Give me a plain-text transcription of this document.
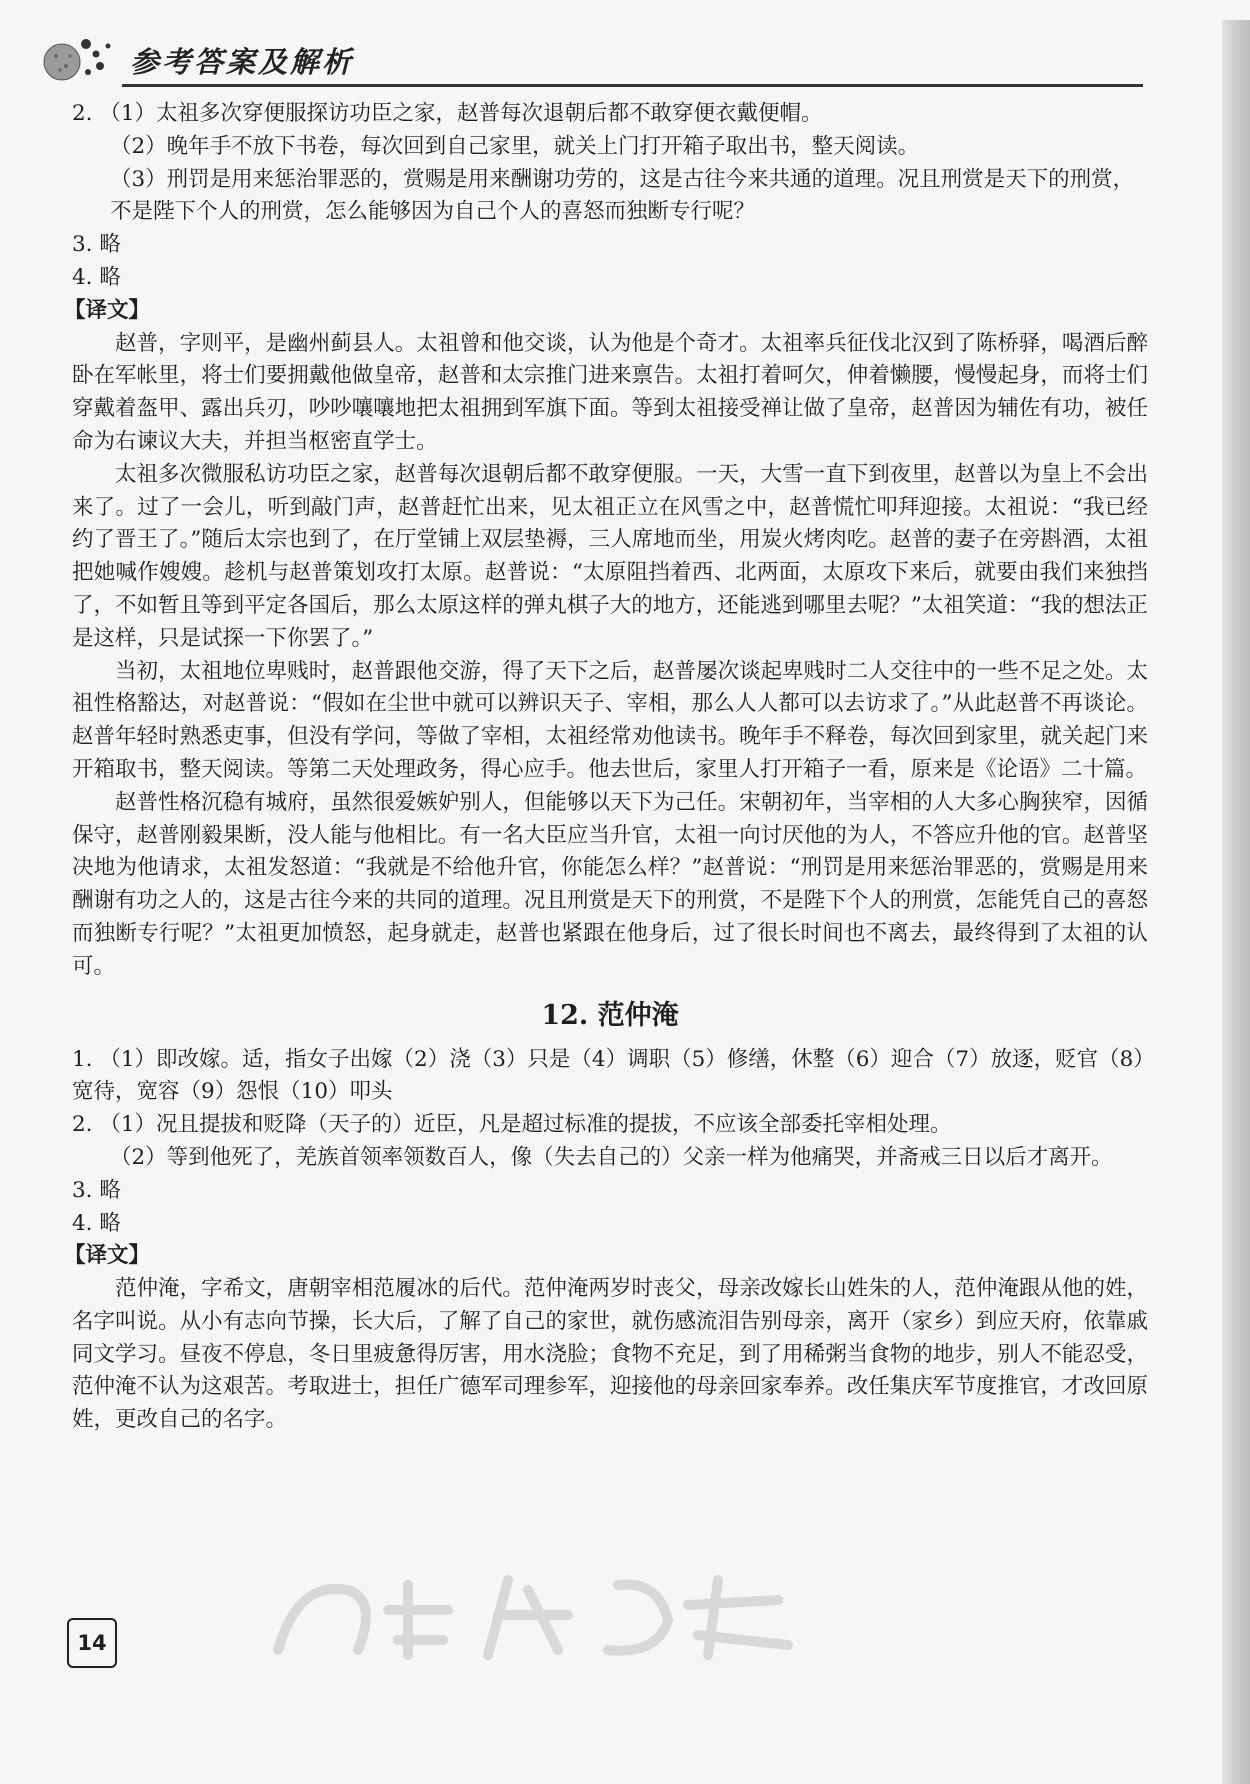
参考答案及解析

2. （1）太祖多次穿便服探访功臣之家，赵普每次退朝后都不敢穿便衣戴便帽。

（2）晚年手不放下书卷，每次回到自己家里，就关上门打开箱子取出书，整天阅读。

（3）刑罚是用来惩治罪恶的，赏赐是用来酬谢功劳的，这是古往今来共通的道理。况且刑赏是天下的刑赏，不是陛下个人的刑赏，怎么能够因为自己个人的喜怒而独断专行呢？

3. 略

4. 略

【译文】

赵普，字则平，是幽州蓟县人。太祖曾和他交谈，认为他是个奇才。太祖率兵征伐北汉到了陈桥驿，喝酒后醉卧在军帐里，将士们要拥戴他做皇帝，赵普和太宗推门进来禀告。太祖打着呵欠，伸着懒腰，慢慢起身，而将士们穿戴着盔甲、露出兵刃，吵吵嚷嚷地把太祖拥到军旗下面。等到太祖接受禅让做了皇帝，赵普因为辅佐有功，被任命为右谏议大夫，并担当枢密直学士。

太祖多次微服私访功臣之家，赵普每次退朝后都不敢穿便服。一天，大雪一直下到夜里，赵普以为皇上不会出来了。过了一会儿，听到敲门声，赵普赶忙出来，见太祖正立在风雪之中，赵普慌忙叩拜迎接。太祖说：“我已经约了晋王了。”随后太宗也到了，在厅堂铺上双层垫褥，三人席地而坐，用炭火烤肉吃。赵普的妻子在旁斟酒，太祖把她喊作嫂嫂。趁机与赵普策划攻打太原。赵普说：“太原阻挡着西、北两面，太原攻下来后，就要由我们来独挡了，不如暂且等到平定各国后，那么太原这样的弹丸棋子大的地方，还能逃到哪里去呢？”太祖笑道：“我的想法正是这样，只是试探一下你罢了。”

当初，太祖地位卑贱时，赵普跟他交游，得了天下之后，赵普屡次谈起卑贱时二人交往中的一些不足之处。太祖性格豁达，对赵普说：“假如在尘世中就可以辨识天子、宰相，那么人人都可以去访求了。”从此赵普不再谈论。赵普年轻时熟悉吏事，但没有学问，等做了宰相，太祖经常劝他读书。晚年手不释卷，每次回到家里，就关起门来开箱取书，整天阅读。等第二天处理政务，得心应手。他去世后，家里人打开箱子一看，原来是《论语》二十篇。

赵普性格沉稳有城府，虽然很爱嫉妒别人，但能够以天下为己任。宋朝初年，当宰相的人大多心胸狭窄，因循保守，赵普刚毅果断，没人能与他相比。有一名大臣应当升官，太祖一向讨厌他的为人，不答应升他的官。赵普坚决地为他请求，太祖发怒道：“我就是不给他升官，你能怎么样？”赵普说：“刑罚是用来惩治罪恶的，赏赐是用来酬谢有功之人的，这是古往今来的共同的道理。况且刑赏是天下的刑赏，不是陛下个人的刑赏，怎能凭自己的喜怒而独断专行呢？”太祖更加愤怒，起身就走，赵普也紧跟在他身后，过了很长时间也不离去，最终得到了太祖的认可。

12. 范仲淹

1. （1）即改嫁。适，指女子出嫁（2）浇（3）只是（4）调职（5）修缮，休整（6）迎合（7）放逐，贬官（8）宽待，宽容（9）怨恨（10）叩头

2. （1）况且提拔和贬降（天子的）近臣，凡是超过标准的提拔，不应该全部委托宰相处理。

（2）等到他死了，羌族首领率领数百人，像（失去自己的）父亲一样为他痛哭，并斋戒三日以后才离开。

3. 略

4. 略

【译文】

范仲淹，字希文，唐朝宰相范履冰的后代。范仲淹两岁时丧父，母亲改嫁长山姓朱的人，范仲淹跟从他的姓，名字叫说。从小有志向节操，长大后，了解了自己的家世，就伤感流泪告别母亲，离开（家乡）到应天府，依靠戚同文学习。昼夜不停息，冬日里疲惫得厉害，用水浇脸；食物不充足，到了用稀粥当食物的地步，别人不能忍受，范仲淹不认为这艰苦。考取进士，担任广德军司理参军，迎接他的母亲回家奉养。改任集庆军节度推官，才改回原姓，更改自己的名字。

14
